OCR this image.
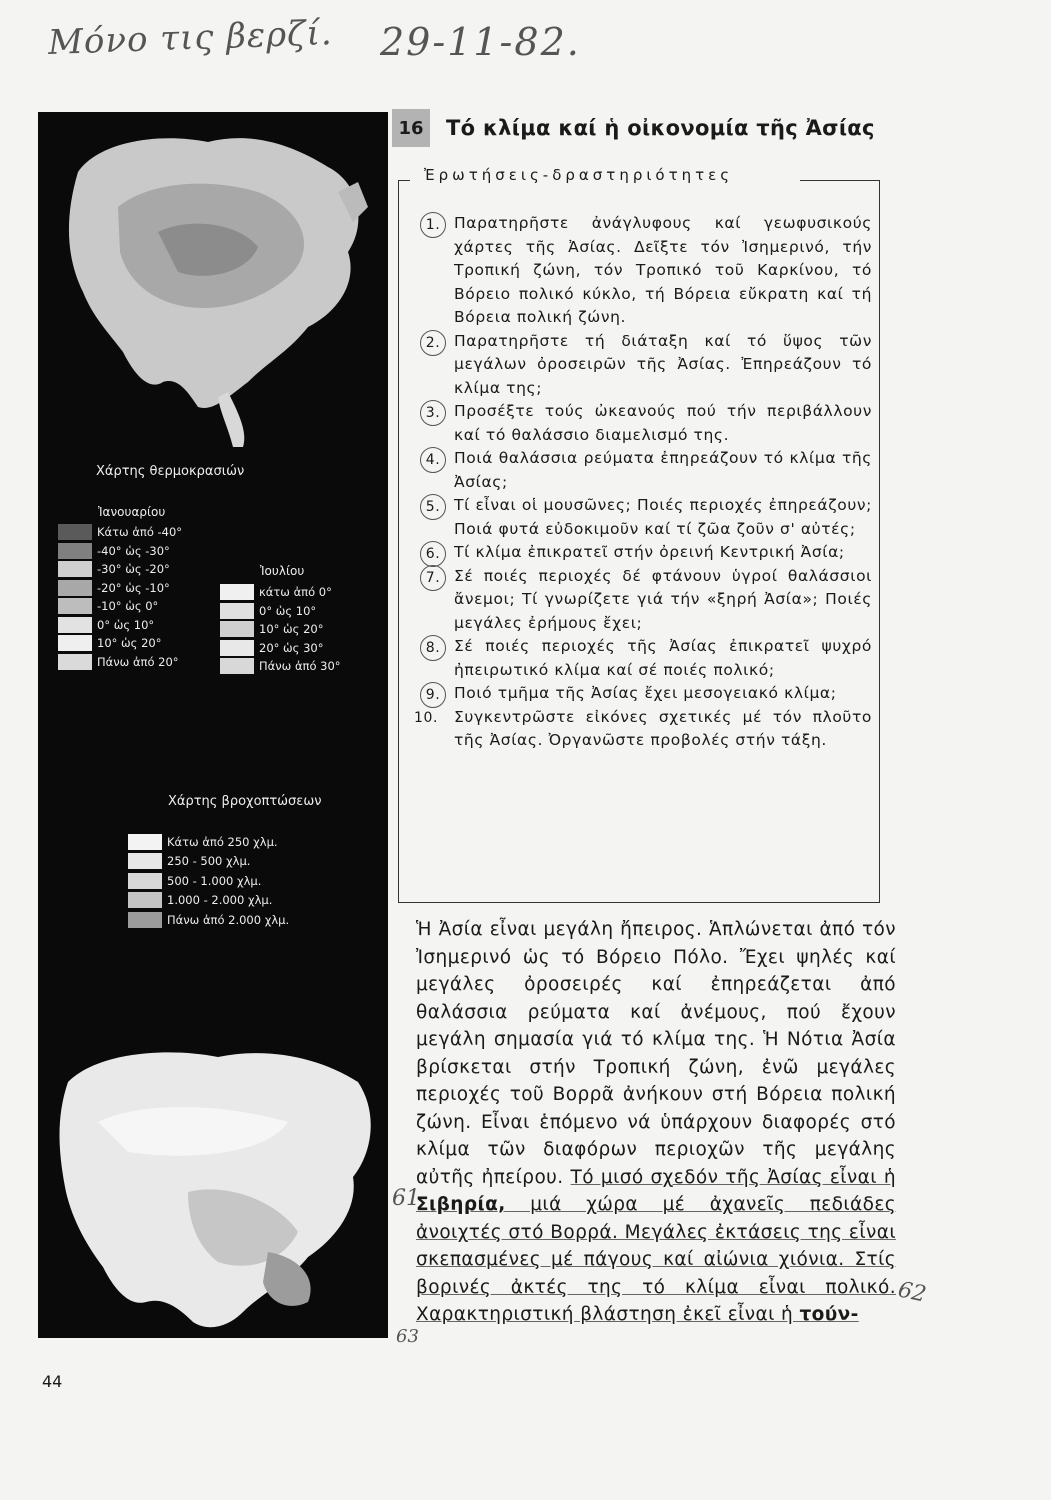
Μόνο τις βερζί. 29-11-82.
Χάρτης θερμοκρασιών
Ἰανουαρίου
Κάτω ἀπό -40°
-40° ὡς -30°
-30° ὡς -20°
-20° ὡς -10°
-10° ὡς 0°
0° ὡς 10°
10° ὡς 20°
Πάνω ἀπό 20°
Ἰουλίου
κάτω ἀπό 0°
0° ὡς 10°
10° ὡς 20°
20° ὡς 30°
Πάνω ἀπό 30°
Χάρτης βροχοπτώσεων
Κάτω ἀπό 250 χλμ.
250 - 500 χλμ.
500 - 1.000 χλμ.
1.000 - 2.000 χλμ.
Πάνω ἀπό 2.000 χλμ.
16	Τό κλίμα καί ἡ οἰκονομία τῆς Ἀσίας
Ἐρωτήσεις-δραστηριότητες
1. Παρατηρῆστε ἀνάγλυφους καί γεωφυσικούς χάρτες τῆς Ἀσίας. Δεῖξτε τόν Ἰσημερινό, τήν Τροπική ζώνη, τόν Τροπικό τοῦ Καρκίνου, τό Βόρειο πολικό κύκλο, τή Βόρεια εὔκρατη καί τή Βόρεια πολική ζώνη.
2. Παρατηρῆστε τή διάταξη καί τό ὕψος τῶν μεγάλων ὀροσειρῶν τῆς Ἀσίας. Ἐπηρεάζουν τό κλίμα της;
3. Προσέξτε τούς ὠκεανούς πού τήν περιβάλλουν καί τό θαλάσσιο διαμελισμό της.
4. Ποιά θαλάσσια ρεύματα ἐπηρεάζουν τό κλίμα τῆς Ἀσίας;
5. Τί εἶναι οἱ μουσῶνες; Ποιές περιοχές ἐπηρεάζουν; Ποιά φυτά εὐδοκιμοῦν καί τί ζῶα ζοῦν σ' αὐτές;
6. Τί κλίμα ἐπικρατεῖ στήν ὀρεινή Κεντρική Ἀσία;
7. Σέ ποιές περιοχές δέ φτάνουν ὑγροί θαλάσσιοι ἄνεμοι; Τί γνωρίζετε γιά τήν «ξηρή Ἀσία»; Ποιές μεγάλες ἐρήμους ἔχει;
8. Σέ ποιές περιοχές τῆς Ἀσίας ἐπικρατεῖ ψυχρό ἠπειρωτικό κλίμα καί σέ ποιές πολικό;
9. Ποιό τμῆμα τῆς Ἀσίας ἔχει μεσογειακό κλίμα;
10. Συγκεντρῶστε εἰκόνες σχετικές μέ τόν πλοῦτο τῆς Ἀσίας. Ὀργανῶστε προβολές στήν τάξη.

Ἡ Ἀσία εἶναι μεγάλη ἤπειρος. Ἁπλώνεται ἀπό τόν Ἰσημερινό ὡς τό Βόρειο Πόλο. Ἔχει ψηλές καί μεγάλες ὀροσειρές καί ἐπηρεάζεται ἀπό θαλάσσια ρεύματα καί ἀνέμους, πού ἔχουν μεγάλη σημασία γιά τό κλίμα της. Ἡ Νότια Ἀσία βρίσκεται στήν Τροπική ζώνη, ἐνῶ μεγάλες περιοχές τοῦ Βορρᾶ ἀνήκουν στή Βόρεια πολική ζώνη. Εἶναι ἑπόμενο νά ὑπάρχουν διαφορές στό κλίμα τῶν διαφόρων περιοχῶν τῆς μεγάλης αὐτῆς ἠπείρου. Τό μισό σχεδόν τῆς Ἀσίας εἶναι ἡ Σιβηρία, μιά χώρα μέ ἀχανεῖς πεδιάδες ἀνοιχτές στό Βορρά. Μεγάλες ἐκτάσεις της εἶναι σκεπασμένες μέ πάγους καί αἰώνια χιόνια. Στίς βορινές ἀκτές της τό κλίμα εἶναι πολικό. Χαρακτηριστική βλάστηση ἐκεῖ εἶναι ἡ τούν-

61
62
63
44
